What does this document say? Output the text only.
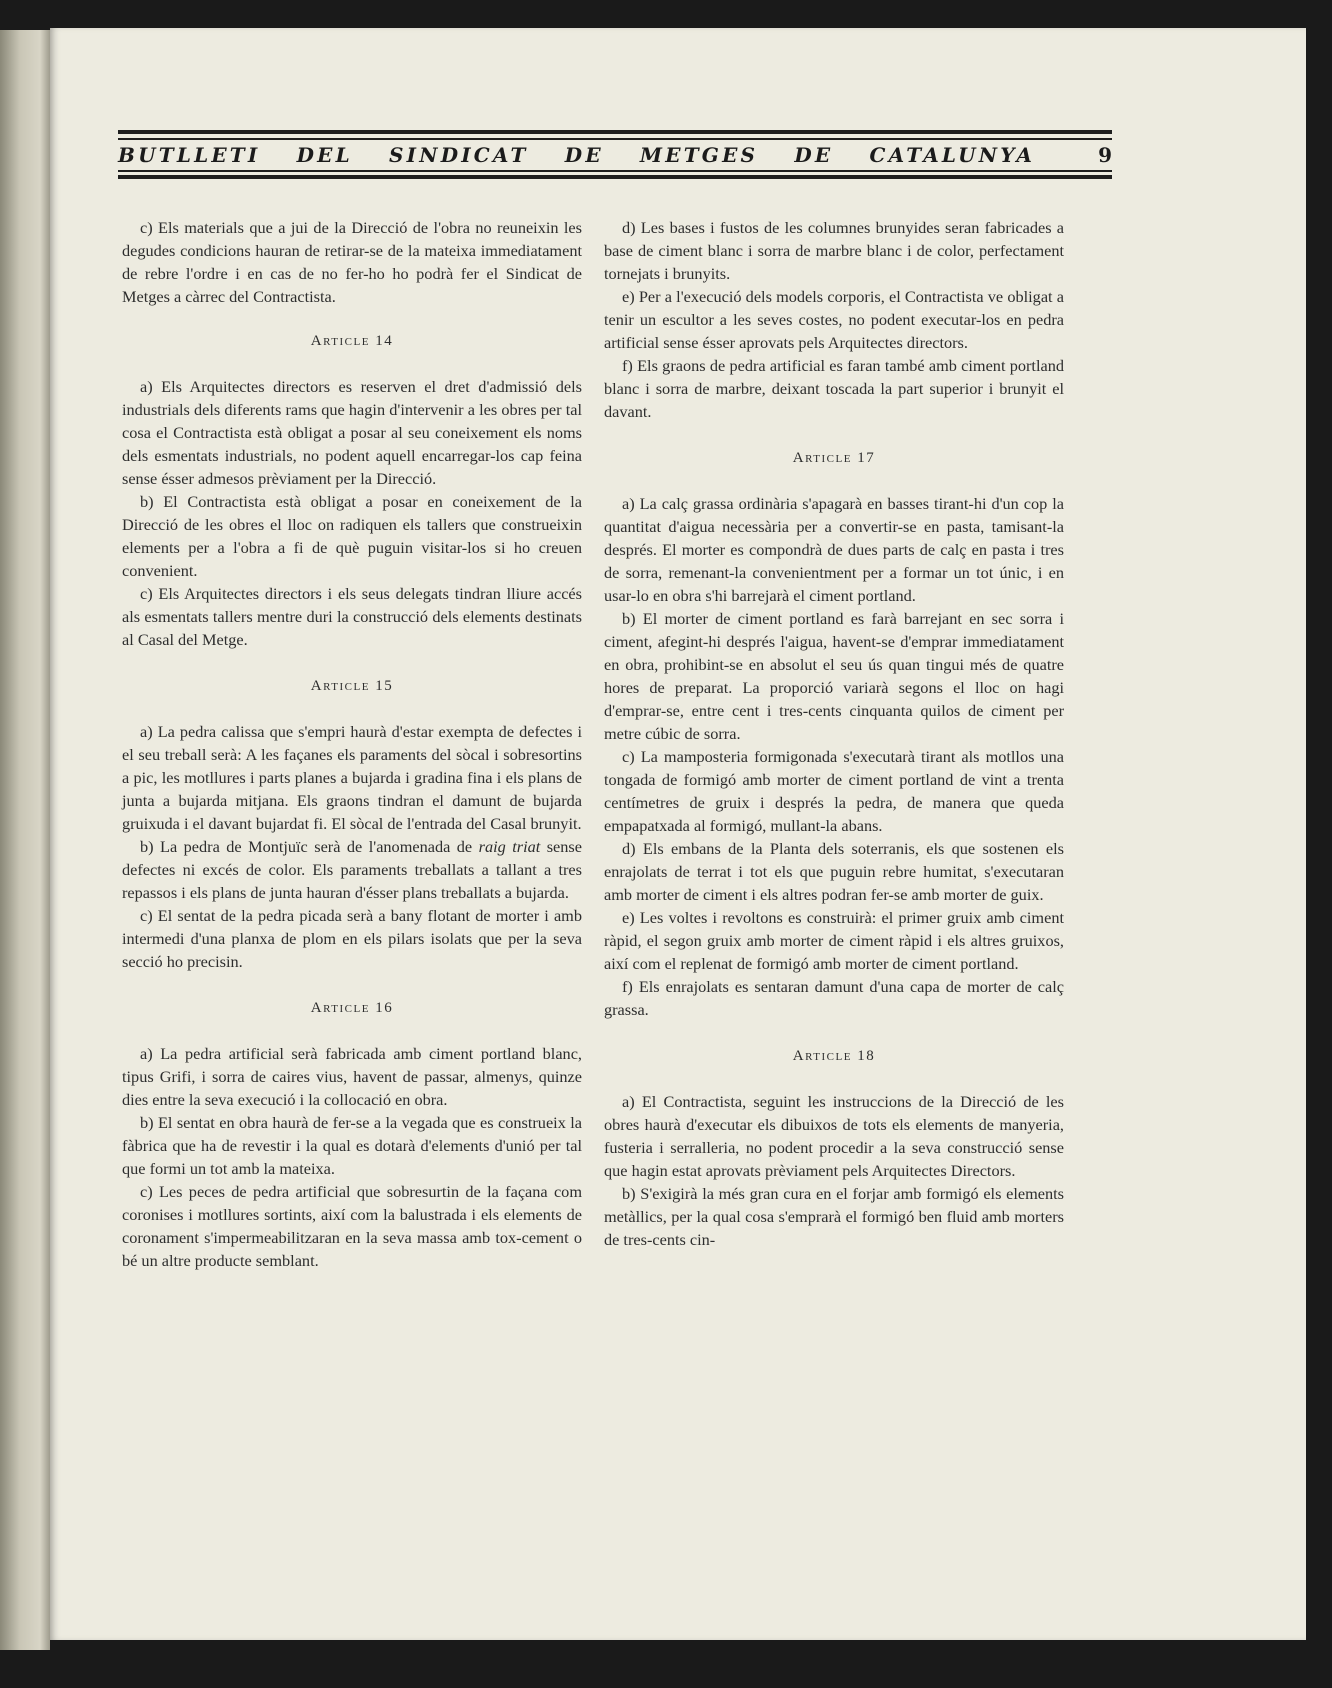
BUTLLETI DEL SINDICAT DE METGES DE CATALUNYA	9

c) Els materials que a jui de la Direcció de l'obra no reuneixin les degudes condicions hauran de retirar-se de la mateixa immediatament de rebre l'ordre i en cas de no fer-ho ho podrà fer el Sindicat de Metges a càrrec del Contractista.

Article 14

a) Els Arquitectes directors es reserven el dret d'admissió dels industrials dels diferents rams que hagin d'intervenir a les obres per tal cosa el Contractista està obligat a posar al seu coneixement els noms dels esmentats industrials, no podent aquell encarregar-los cap feina sense ésser admesos prèviament per la Direcció.

b) El Contractista està obligat a posar en coneixement de la Direcció de les obres el lloc on radiquen els tallers que construeixin elements per a l'obra a fi de què puguin visitar-los si ho creuen convenient.

c) Els Arquitectes directors i els seus delegats tindran lliure accés als esmentats tallers mentre duri la construcció dels elements destinats al Casal del Metge.

Article 15

a) La pedra calissa que s'empri haurà d'estar exempta de defectes i el seu treball serà: A les façanes els paraments del sòcal i sobresortins a pic, les motllures i parts planes a bujarda i gradina fina i els plans de junta a bujarda mitjana. Els graons tindran el damunt de bujarda gruixuda i el davant bujardat fi. El sòcal de l'entrada del Casal brunyit.

b) La pedra de Montjuïc serà de l'anomenada de raig triat sense defectes ni excés de color. Els paraments treballats a tallant a tres repassos i els plans de junta hauran d'ésser plans treballats a bujarda.

c) El sentat de la pedra picada serà a bany flotant de morter i amb intermedi d'una planxa de plom en els pilars isolats que per la seva secció ho precisin.

Article 16

a) La pedra artificial serà fabricada amb ciment portland blanc, tipus Grifi, i sorra de caires vius, havent de passar, almenys, quinze dies entre la seva execució i la collocació en obra.

b) El sentat en obra haurà de fer-se a la vegada que es construeix la fàbrica que ha de revestir i la qual es dotarà d'elements d'unió per tal que formi un tot amb la mateixa.

c) Les peces de pedra artificial que sobresurtin de la façana com coronises i motllures sortints, així com la balustrada i els elements de coronament s'impermeabilitzaran en la seva massa amb tox-cement o bé un altre producte semblant.

d) Les bases i fustos de les columnes brunyides seran fabricades a base de ciment blanc i sorra de marbre blanc i de color, perfectament tornejats i brunyits.

e) Per a l'execució dels models corporis, el Contractista ve obligat a tenir un escultor a les seves costes, no podent executar-los en pedra artificial sense ésser aprovats pels Arquitectes directors.

f) Els graons de pedra artificial es faran també amb ciment portland blanc i sorra de marbre, deixant toscada la part superior i brunyit el davant.

Article 17

a) La calç grassa ordinària s'apagarà en basses tirant-hi d'un cop la quantitat d'aigua necessària per a convertir-se en pasta, tamisant-la després. El morter es compondrà de dues parts de calç en pasta i tres de sorra, remenant-la convenientment per a formar un tot únic, i en usar-lo en obra s'hi barrejarà el ciment portland.

b) El morter de ciment portland es farà barrejant en sec sorra i ciment, afegint-hi després l'aigua, havent-se d'emprar immediatament en obra, prohibint-se en absolut el seu ús quan tingui més de quatre hores de preparat. La proporció variarà segons el lloc on hagi d'emprar-se, entre cent i tres-cents cinquanta quilos de ciment per metre cúbic de sorra.

c) La mamposteria formigonada s'executarà tirant als motllos una tongada de formigó amb morter de ciment portland de vint a trenta centímetres de gruix i després la pedra, de manera que queda empapatxada al formigó, mullant-la abans.

d) Els embans de la Planta dels soterranis, els que sostenen els enrajolats de terrat i tot els que puguin rebre humitat, s'executaran amb morter de ciment i els altres podran fer-se amb morter de guix.

e) Les voltes i revoltons es construirà: el primer gruix amb ciment ràpid, el segon gruix amb morter de ciment ràpid i els altres gruixos, així com el replenat de formigó amb morter de ciment portland.

f) Els enrajolats es sentaran damunt d'una capa de morter de calç grassa.

Article 18

a) El Contractista, seguint les instruccions de la Direcció de les obres haurà d'executar els dibuixos de tots els elements de manyeria, fusteria i serralleria, no podent procedir a la seva construcció sense que hagin estat aprovats prèviament pels Arquitectes Directors.

b) S'exigirà la més gran cura en el forjar amb formigó els elements metàllics, per la qual cosa s'emprarà el formigó ben fluid amb morters de tres-cents cin-
